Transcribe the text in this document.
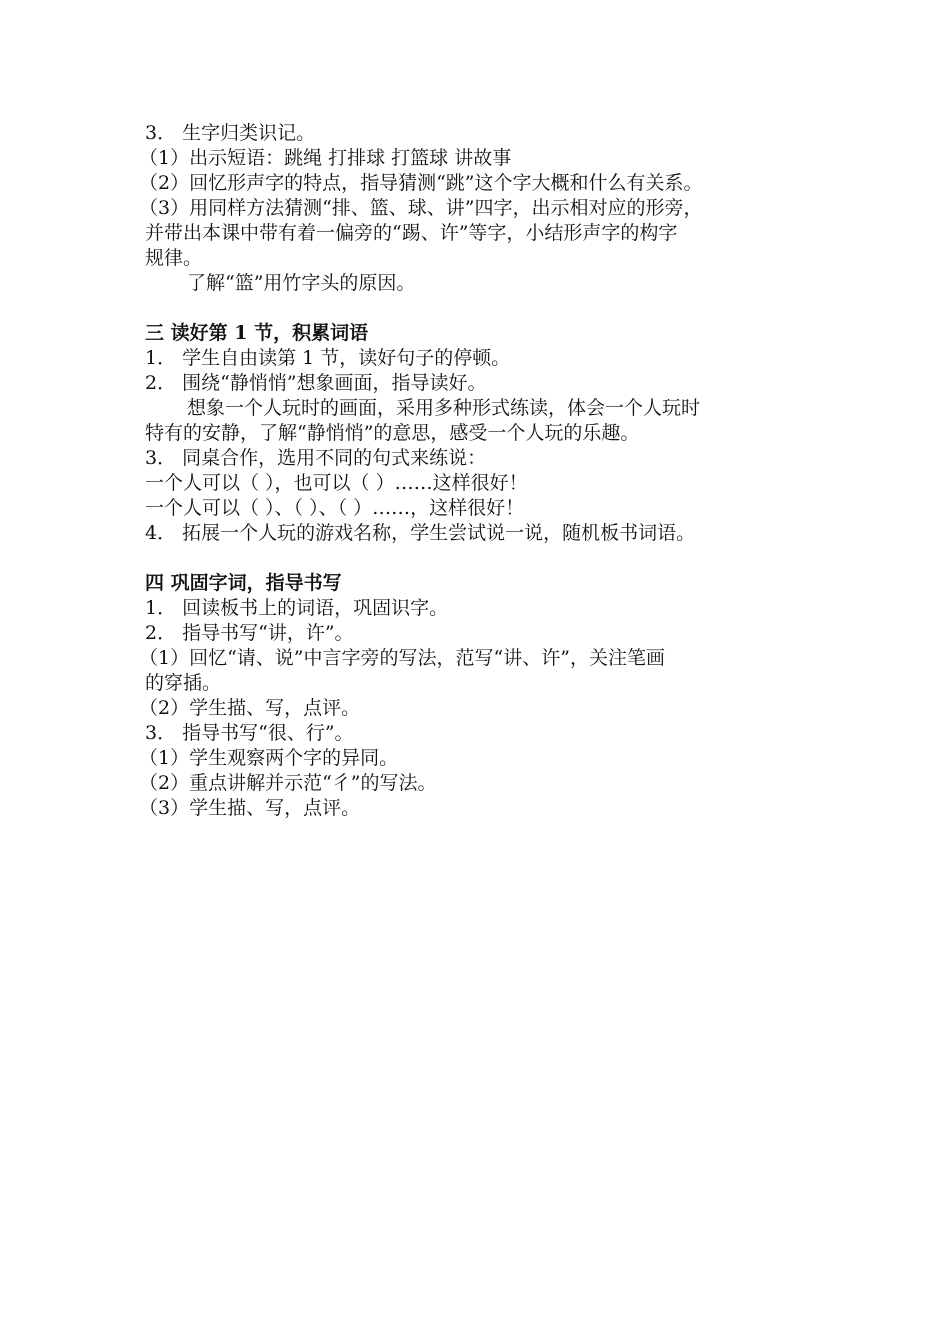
3． 生字归类识记。
（1）出示短语：跳绳 打排球 打篮球 讲故事
（2）回忆形声字的特点，指导猜测“跳”这个字大概和什么有关系。
（3）用同样方法猜测“排、篮、球、讲”四字，出示相对应的形旁，
并带出本课中带有着一偏旁的“踢、许”等字，小结形声字的构字
规律。
了解“篮”用竹字头的原因。
三 读好第 1 节，积累词语
1． 学生自由读第 1 节，读好句子的停顿。
2． 围绕“静悄悄”想象画面，指导读好。
想象一个人玩时的画面，采用多种形式练读，体会一个人玩时
特有的安静，了解“静悄悄”的意思，感受一个人玩的乐趣。
3． 同桌合作，选用不同的句式来练说：
一个人可以（ ），也可以（ ）……这样很好！
一个人可以（ ）、（ ）、（ ）……，这样很好！
4． 拓展一个人玩的游戏名称，学生尝试说一说，随机板书词语。
四 巩固字词，指导书写
1． 回读板书上的词语，巩固识字。
2． 指导书写“讲，许”。
（1）回忆“请、说”中言字旁的写法，范写“讲、许”，关注笔画
的穿插。
（2）学生描、写，点评。
3． 指导书写“很、行”。
（1）学生观察两个字的异同。
（2）重点讲解并示范“彳”的写法。
（3）学生描、写，点评。
